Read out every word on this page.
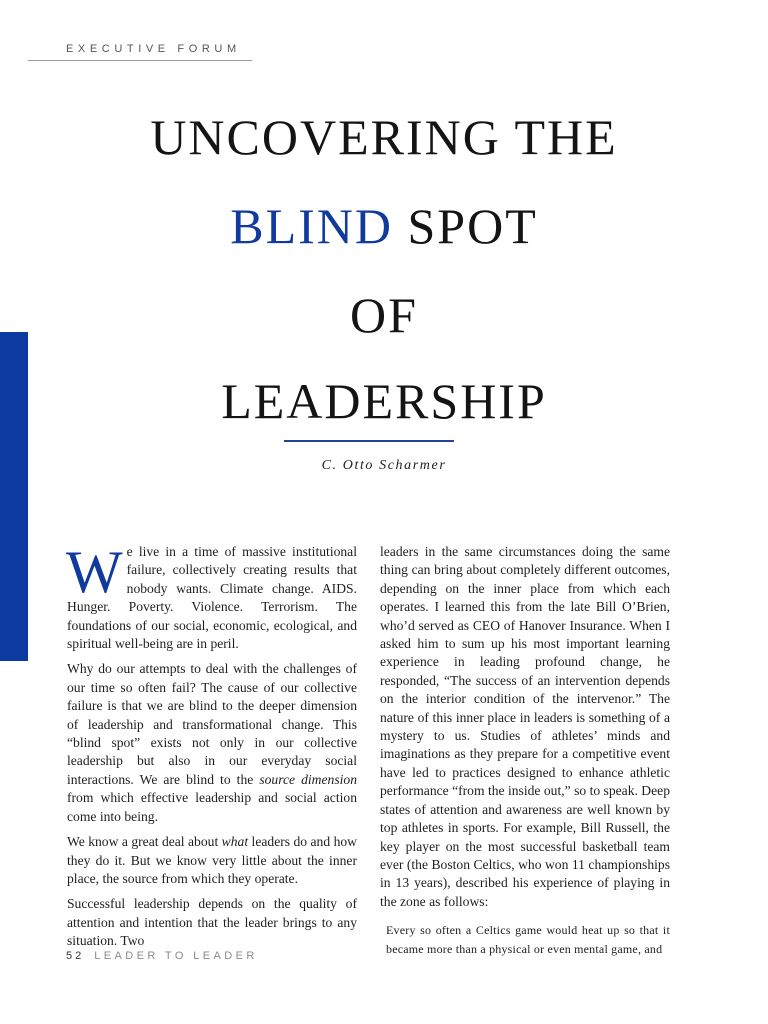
EXECUTIVE FORUM
UNCOVERING THE
BLIND SPOT
OF
LEADERSHIP
C. Otto Scharmer

We live in a time of massive institutional failure, collectively creating results that nobody wants. Climate change. AIDS. Hunger. Poverty. Violence. Terrorism. The foundations of our social, economic, ecological, and spiritual well-being are in peril.

Why do our attempts to deal with the challenges of our time so often fail? The cause of our collective failure is that we are blind to the deeper dimension of leadership and transformational change. This “blind spot” exists not only in our collective leadership but also in our everyday social interactions. We are blind to the source dimension from which effective leadership and social action come into being.

We know a great deal about what leaders do and how they do it. But we know very little about the inner place, the source from which they operate.

Successful leadership depends on the quality of attention and intention that the leader brings to any situation. Two

leaders in the same circumstances doing the same thing can bring about completely different outcomes, depending on the inner place from which each operates. I learned this from the late Bill O’Brien, who’d served as CEO of Hanover Insurance. When I asked him to sum up his most important learning experience in leading profound change, he responded, “The success of an intervention depends on the interior condition of the intervenor.” The nature of this inner place in leaders is something of a mystery to us. Studies of athletes’ minds and imaginations as they prepare for a competitive event have led to practices designed to enhance athletic performance “from the inside out,” so to speak. Deep states of attention and awareness are well known by top athletes in sports. For example, Bill Russell, the key player on the most successful basketball team ever (the Boston Celtics, who won 11 championships in 13 years), described his experience of playing in the zone as follows:

Every so often a Celtics game would heat up so that it became more than a physical or even mental game, and
52 LEADER TO LEADER
